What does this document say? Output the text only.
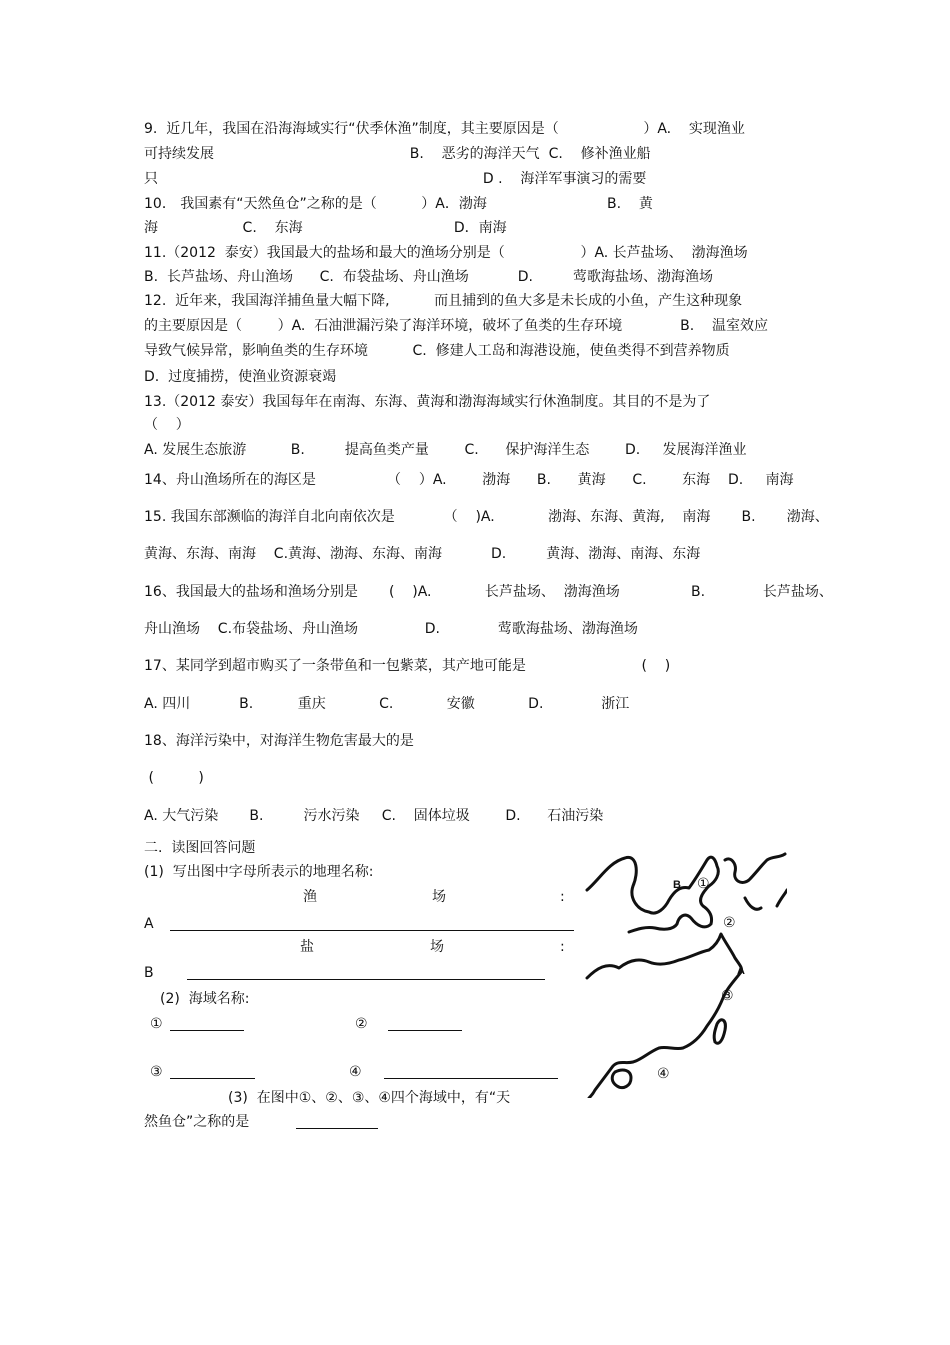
9.  近几年，我国在沿海海域实行“伏季休渔”制度，其主要原因是（                   ）A.    实现渔业
可持续发展                                            B.    恶劣的海洋天气  C.    修补渔业船
只                                                                         D .    海洋军事演习的需要
10． 我国素有“天然鱼仓”之称的是（          ）A．渤海                           B.    黄
海                   C.    东海                                  D．南海
11.（2012  泰安）我国最大的盐场和最大的渔场分别是（                 ）A. 长芦盐场、  渤海渔场
B.  长芦盐场、舟山渔场      C.  布袋盐场、舟山渔场           D.         莺歌海盐场、渤海渔场
12.  近年来，我国海洋捕鱼量大幅下降,          而且捕到的鱼大多是未长成的小鱼，产生这种现象
的主要原因是（        ）A.  石油泄漏污染了海洋环境，破坏了鱼类的生存环境             B.    温室效应
导致气候异常，影响鱼类的生存环境          C.  修建人工岛和海港设施，使鱼类得不到营养物质
D.  过度捕捞，使渔业资源衰竭
13.（2012 泰安）我国每年在南海、东海、黄海和渤海海域实行休渔制度。其目的不是为了
（    ）
A. 发展生态旅游          B.         提高鱼类产量        C.      保护海洋生态        D.     发展海洋渔业
14、舟山渔场所在的海区是                （    ）A.        渤海      B.      黄海      C.        东海    D.     南海
15. 我国东部濒临的海洋自北向南依次是           （    )A.            渤海、东海、黄海,    南海       B.       渤海、
黄海、东海、南海    C.黄海、渤海、东海、南海           D.         黄海、渤海、南海、东海
16、我国最大的盐场和渔场分别是       (    )A.            长芦盐场、  渤海渔场                B.             长芦盐场、
舟山渔场    C.布袋盐场、舟山渔场               D.             莺歌海盐场、渤海渔场
17、某同学到超市购买了一条带鱼和一包紫菜，其产地可能是                          (    )
A. 四川           B.          重庆            C.            安徽            D.             浙江
18、海洋污染中，对海洋生物危害最大的是
(          )
A. 大气污染       B.         污水污染     C.    固体垃圾        D.      石油污染
二.  读图回答问题
(1)  写出图中字母所表示的地理名称:
渔	场	:
A
盐	场	:
B
(2)  海域名称:
①	②
③	④
(3)  在图中①、②、③、④四个海域中，有“天
然鱼仓”之称的是
B
A
①
②
③
④
